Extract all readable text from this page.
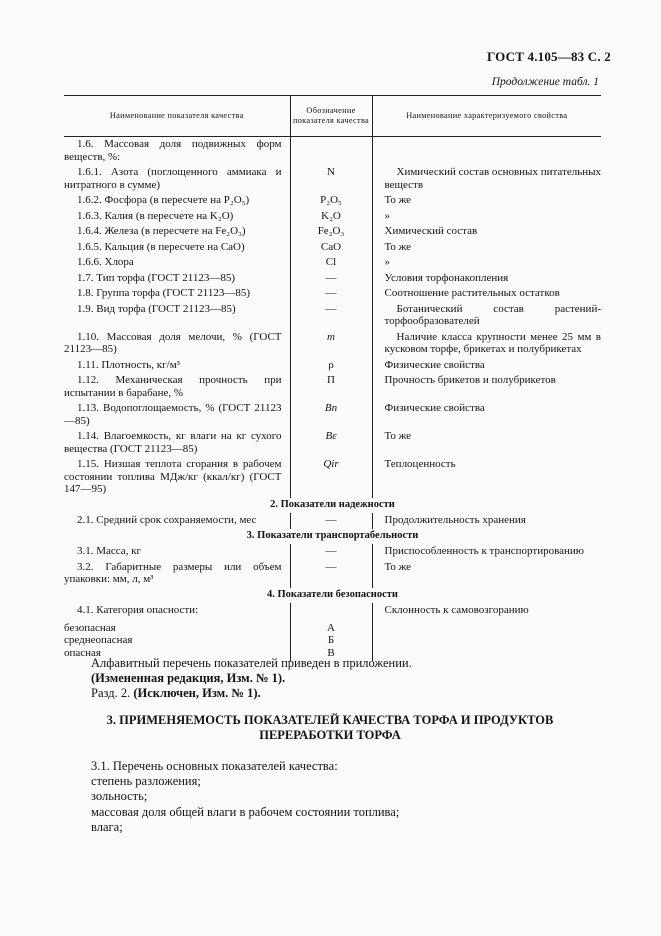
ГОСТ 4.105—83 С. 2
Продолжение табл. 1
Наименование показателя качества	Обозначение показателя качества	Наименование характеризуемого свойства
1.6. Массовая доля подвижных форм веществ, %:		
1.6.1. Азота (поглощенного аммиака и нитратного в сумме)	N	Химический состав основных питательных веществ
1.6.2. Фосфора (в пересчете на P₂O₅)	P₂O₅	То же
1.6.3. Калия (в пересчете на K₂O)	K₂O	»
1.6.4. Железа (в пересчете на Fe₂O₃)	Fe₂O₃	Химический состав
1.6.5. Кальция (в пересчете на CaO)	CaO	То же
1.6.6. Хлора	Cl	»
1.7. Тип торфа (ГОСТ 21123—85)	—	Условия торфонакопления
1.8. Группа торфа (ГОСТ 21123—85)	—	Соотношение растительных остатков
1.9. Вид торфа (ГОСТ 21123—85)	—	Ботанический состав растений-торфообразователей
1.10. Массовая доля мелочи, % (ГОСТ 21123—85)	m	Наличие класса крупности менее 25 мм в кусковом торфе, брикетах и полубрикетах
1.11. Плотность, кг/м³	ρ	Физические свойства
1.12. Механическая прочность при испытании в барабане, %	П	Прочность брикетов и полубрикетов
1.13. Водопоглощаемость, % (ГОСТ 21123—85)	Bп	Физические свойства
1.14. Влагоемкость, кг влаги на кг сухого вещества (ГОСТ 21123—85)	Bε	То же
1.15. Низшая теплота сгорания в рабочем состоянии топлива МДж/кг (ккал/кг) (ГОСТ 147—95)	Qir	Теплоценность
2. Показатели надежности		
2.1. Средний срок сохраняемости, мес	—	Продолжительность хранения
3. Показатели транспортабельности		
3.1. Масса, кг	—	Приспособленность к транспортированию
3.2. Габаритные размеры или объем упаковки: мм, л, м³	—	То же
4. Показатели безопасности		
4.1. Категория опасности:		Склонность к самовозгоранию
безопасная	А	
среднеопасная	Б	
опасная	В	
Алфавитный перечень показателей приведен в приложении.
(Измененная редакция, Изм. № 1).
Разд. 2. (Исключен, Изм. № 1).
3. ПРИМЕНЯЕМОСТЬ ПОКАЗАТЕЛЕЙ КАЧЕСТВА ТОРФА И ПРОДУКТОВ ПЕРЕРАБОТКИ ТОРФА
3.1. Перечень основных показателей качества:
степень разложения;
зольность;
массовая доля общей влаги в рабочем состоянии топлива;
влага;
